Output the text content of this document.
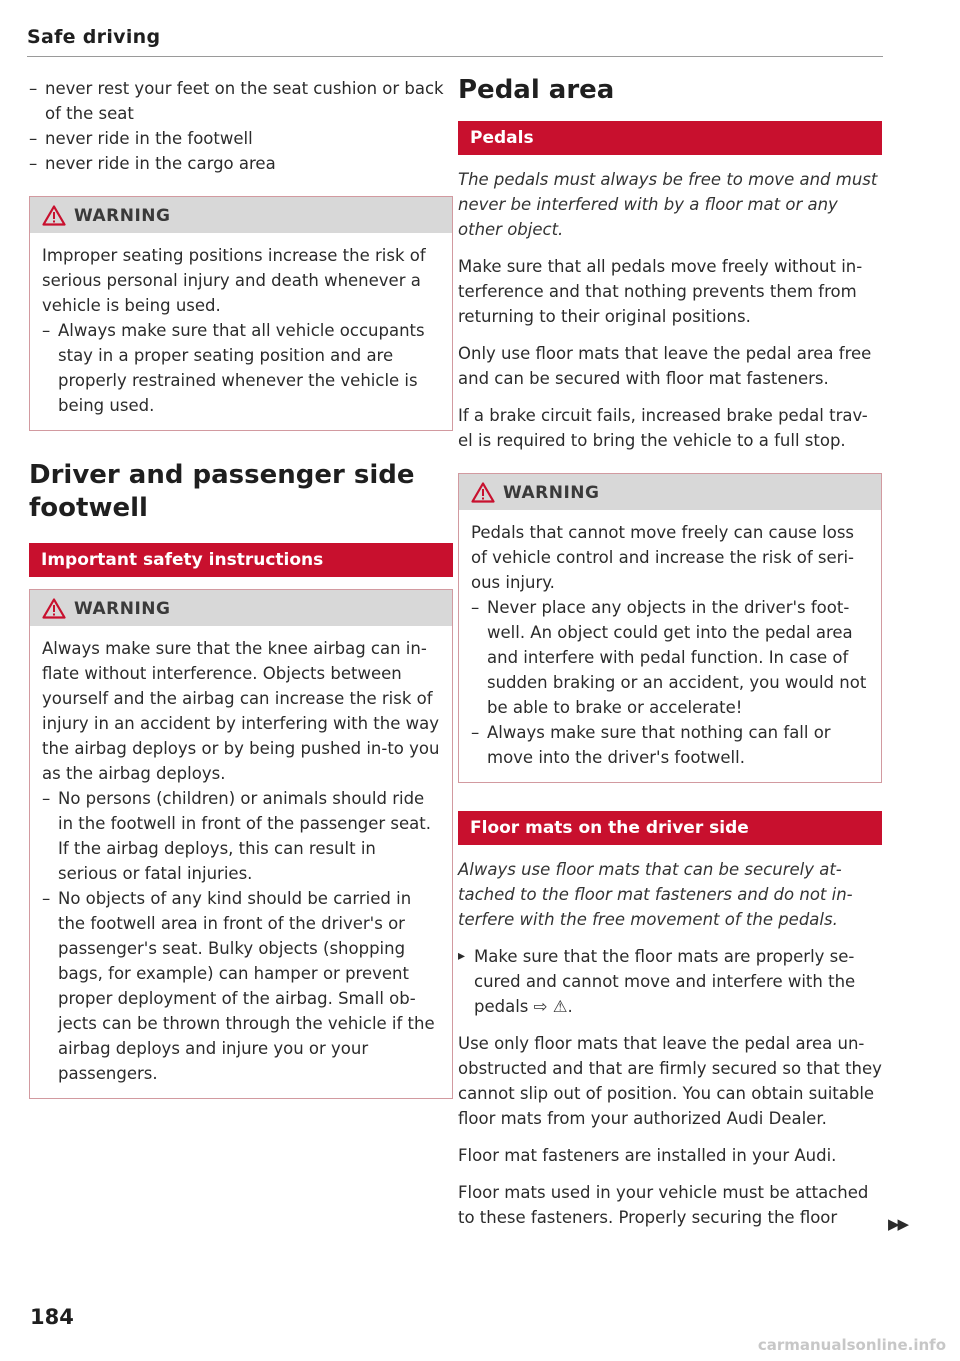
Safe driving
– never rest your feet on the seat cushion or back of the seat
– never ride in the footwell
– never ride in the cargo area
WARNING

Improper seating positions increase the risk of serious personal injury and death whenever a vehicle is being used.

– Always make sure that all vehicle occupants stay in a proper seating position and are properly restrained whenever the vehicle is being used.
Driver and passenger side footwell
Important safety instructions
WARNING

Always make sure that the knee airbag can in-flate without interference. Objects between yourself and the airbag can increase the risk of injury in an accident by interfering with the way the airbag deploys or by being pushed in-to you as the airbag deploys.

– No persons (children) or animals should ride in the footwell in front of the passenger seat. If the airbag deploys, this can result in serious or fatal injuries.
– No objects of any kind should be carried in the footwell area in front of the driver's or passenger's seat. Bulky objects (shopping bags, for example) can hamper or prevent proper deployment of the airbag. Small ob-jects can be thrown through the vehicle if the airbag deploys and injure you or your passengers.
Pedal area
Pedals

The pedals must always be free to move and must never be interfered with by a floor mat or any other object.

Make sure that all pedals move freely without in-terference and that nothing prevents them from returning to their original positions.

Only use floor mats that leave the pedal area free and can be secured with floor mat fasteners.

If a brake circuit fails, increased brake pedal trav-el is required to bring the vehicle to a full stop.

WARNING

Pedals that cannot move freely can cause loss of vehicle control and increase the risk of seri-ous injury.

– Never place any objects in the driver's foot-well. An object could get into the pedal area and interfere with pedal function. In case of sudden braking or an accident, you would not be able to brake or accelerate!
– Always make sure that nothing can fall or move into the driver's footwell.
Floor mats on the driver side

Always use floor mats that can be securely at-tached to the floor mat fasteners and do not in-terfere with the free movement of the pedals.

▸ Make sure that the floor mats are properly se-cured and cannot move and interfere with the pedals ⇨ ⚠.

Use only floor mats that leave the pedal area un-obstructed and that are firmly secured so that they cannot slip out of position. You can obtain suitable floor mats from your authorized Audi Dealer.

Floor mat fasteners are installed in your Audi.

Floor mats used in your vehicle must be attached to these fasteners. Properly securing the floor	▶▶
184
carmanualsonline.info
